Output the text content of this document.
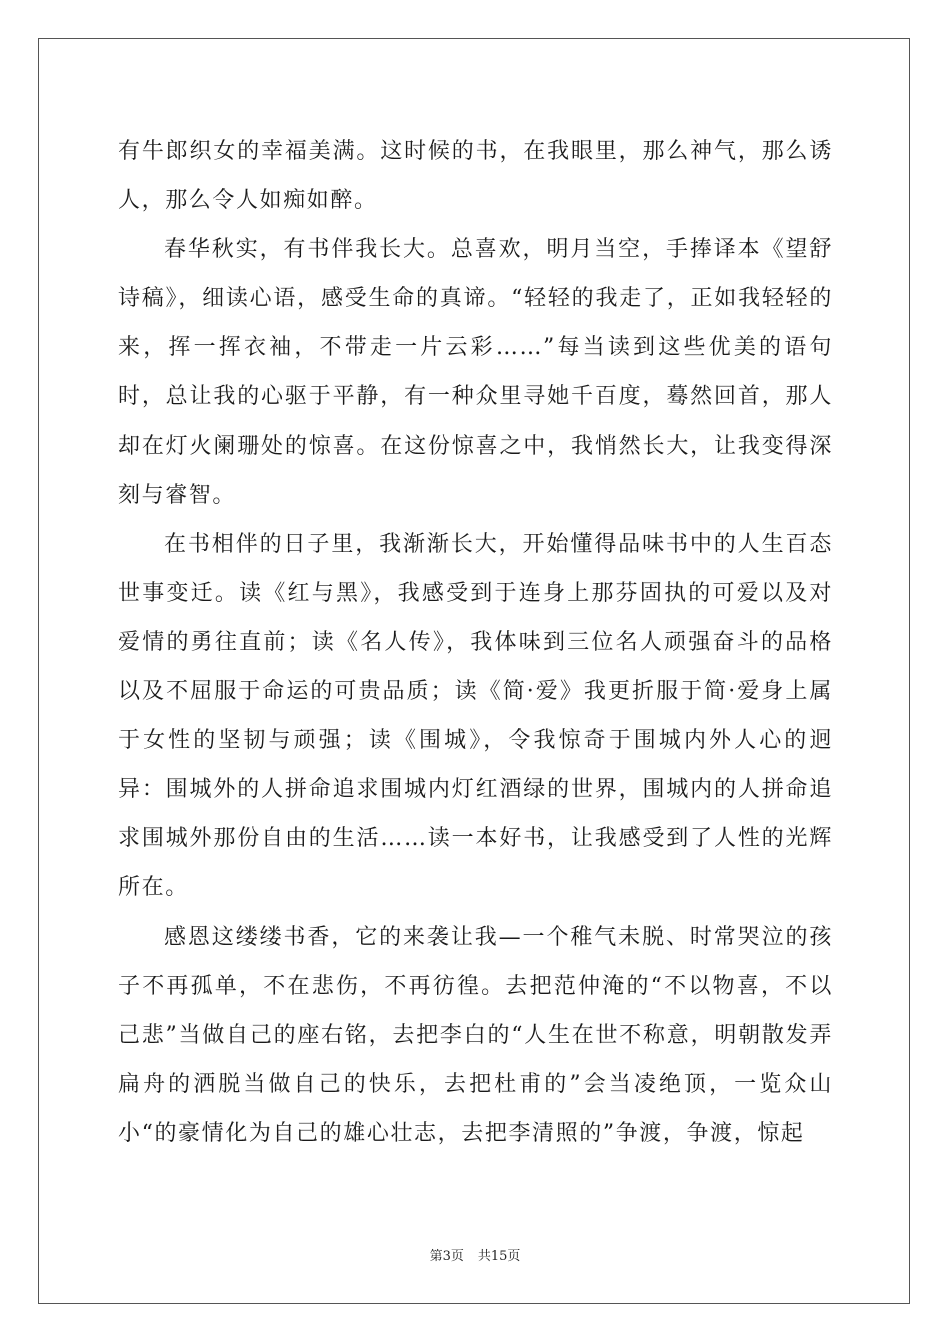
有牛郎织女的幸福美满。这时候的书，在我眼里，那么神气，那么诱人，那么令人如痴如醉。

春华秋实，有书伴我长大。总喜欢，明月当空，手捧译本《望舒诗稿》，细读心语，感受生命的真谛。“轻轻的我走了，正如我轻轻的来，挥一挥衣袖，不带走一片云彩……”每当读到这些优美的语句时，总让我的心驱于平静，有一种众里寻她千百度，蓦然回首，那人却在灯火阑珊处的惊喜。在这份惊喜之中，我悄然长大，让我变得深刻与睿智。

在书相伴的日子里，我渐渐长大，开始懂得品味书中的人生百态世事变迁。读《红与黑》，我感受到于连身上那芬固执的可爱以及对爱情的勇往直前；读《名人传》，我体味到三位名人顽强奋斗的品格以及不屈服于命运的可贵品质；读《简·爱》我更折服于简·爱身上属于女性的坚韧与顽强；读《围城》，令我惊奇于围城内外人心的迥异：围城外的人拼命追求围城内灯红酒绿的世界，围城内的人拼命追求围城外那份自由的生活……读一本好书，让我感受到了人性的光辉所在。

感恩这缕缕书香，它的来袭让我—一个稚气未脱、时常哭泣的孩子不再孤单，不在悲伤，不再彷徨。去把范仲淹的“不以物喜，不以己悲”当做自己的座右铭，去把李白的“人生在世不称意，明朝散发弄扁舟的洒脱当做自己的快乐，去把杜甫的”会当凌绝顶，一览众山小“的豪情化为自己的雄心壮志，去把李清照的”争渡，争渡，惊起

第3页 共15页
